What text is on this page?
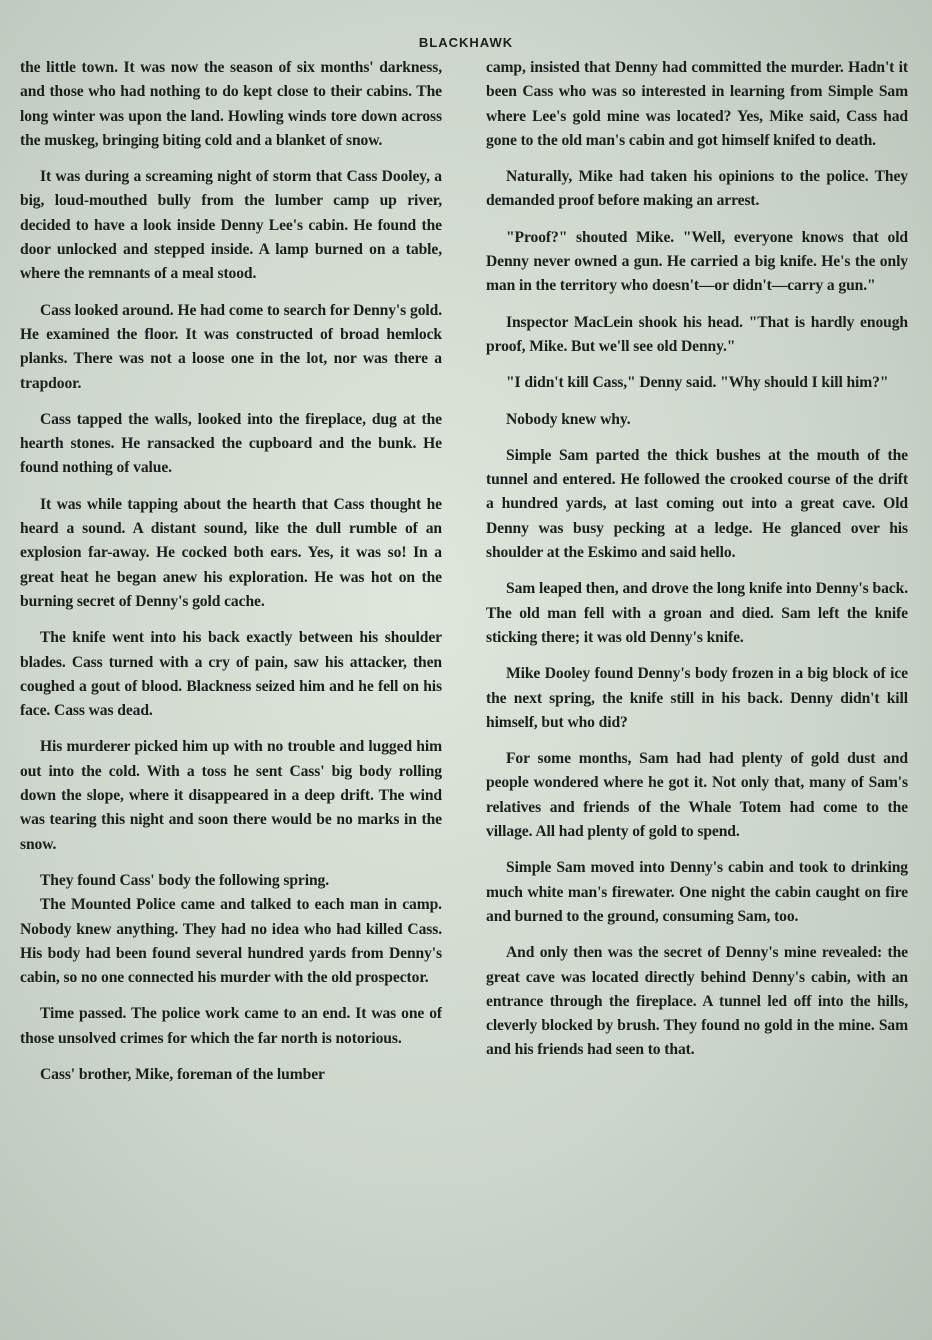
BLACKHAWK

the little town. It was now the season of six months' darkness, and those who had nothing to do kept close to their cabins. The long winter was upon the land. Howling winds tore down across the muskeg, bringing biting cold and a blanket of snow.

It was during a screaming night of storm that Cass Dooley, a big, loud-mouthed bully from the lumber camp up river, decided to have a look inside Denny Lee's cabin. He found the door unlocked and stepped inside. A lamp burned on a table, where the remnants of a meal stood.

Cass looked around. He had come to search for Denny's gold. He examined the floor. It was constructed of broad hemlock planks. There was not a loose one in the lot, nor was there a trapdoor.

Cass tapped the walls, looked into the fireplace, dug at the hearth stones. He ransacked the cupboard and the bunk. He found nothing of value.

It was while tapping about the hearth that Cass thought he heard a sound. A distant sound, like the dull rumble of an explosion far-away. He cocked both ears. Yes, it was so! In a great heat he began anew his exploration. He was hot on the burning secret of Denny's gold cache.

The knife went into his back exactly between his shoulder blades. Cass turned with a cry of pain, saw his attacker, then coughed a gout of blood. Blackness seized him and he fell on his face. Cass was dead.

His murderer picked him up with no trouble and lugged him out into the cold. With a toss he sent Cass' big body rolling down the slope, where it disappeared in a deep drift. The wind was tearing this night and soon there would be no marks in the snow.

They found Cass' body the following spring.

The Mounted Police came and talked to each man in camp. Nobody knew anything. They had no idea who had killed Cass. His body had been found several hundred yards from Denny's cabin, so no one connected his murder with the old prospector.

Time passed. The police work came to an end. It was one of those unsolved crimes for which the far north is notorious.

Cass' brother, Mike, foreman of the lumber

camp, insisted that Denny had committed the murder. Hadn't it been Cass who was so interested in learning from Simple Sam where Lee's gold mine was located? Yes, Mike said, Cass had gone to the old man's cabin and got himself knifed to death.

Naturally, Mike had taken his opinions to the police. They demanded proof before making an arrest.

"Proof?" shouted Mike. "Well, everyone knows that old Denny never owned a gun. He carried a big knife. He's the only man in the territory who doesn't—or didn't—carry a gun."

Inspector MacLein shook his head. "That is hardly enough proof, Mike. But we'll see old Denny."

"I didn't kill Cass," Denny said. "Why should I kill him?"

Nobody knew why.

Simple Sam parted the thick bushes at the mouth of the tunnel and entered. He followed the crooked course of the drift a hundred yards, at last coming out into a great cave. Old Denny was busy pecking at a ledge. He glanced over his shoulder at the Eskimo and said hello.

Sam leaped then, and drove the long knife into Denny's back. The old man fell with a groan and died. Sam left the knife sticking there; it was old Denny's knife.

Mike Dooley found Denny's body frozen in a big block of ice the next spring, the knife still in his back. Denny didn't kill himself, but who did?

For some months, Sam had had plenty of gold dust and people wondered where he got it. Not only that, many of Sam's relatives and friends of the Whale Totem had come to the village. All had plenty of gold to spend.

Simple Sam moved into Denny's cabin and took to drinking much white man's firewater. One night the cabin caught on fire and burned to the ground, consuming Sam, too.

And only then was the secret of Denny's mine revealed: the great cave was located directly behind Denny's cabin, with an entrance through the fireplace. A tunnel led off into the hills, cleverly blocked by brush. They found no gold in the mine. Sam and his friends had seen to that.
